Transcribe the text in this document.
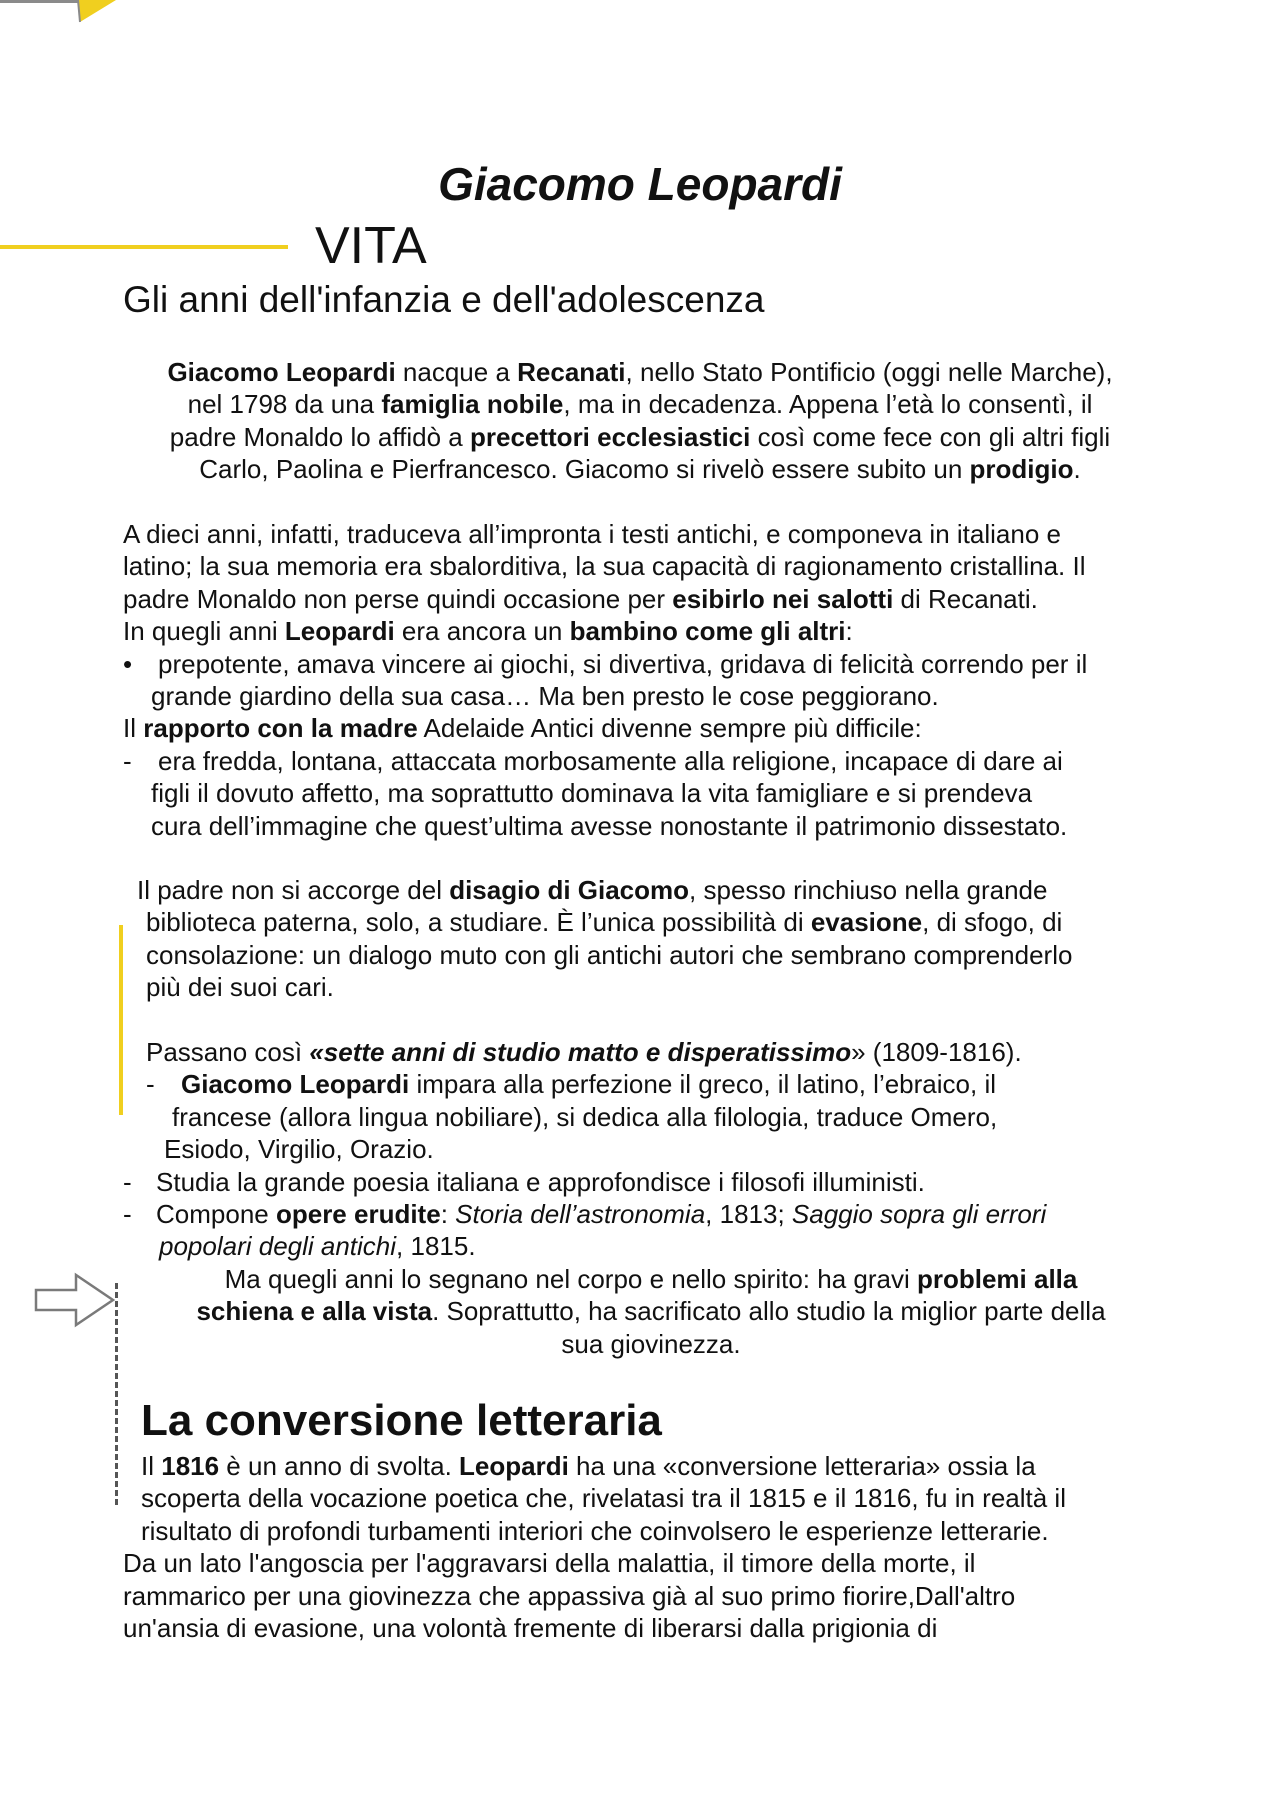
Giacomo Leopardi
VITA
Gli anni dell'infanzia e dell'adolescenza
Giacomo Leopardi nacque a Recanati, nello Stato Pontificio (oggi nelle Marche),
nel 1798 da una famiglia nobile, ma in decadenza. Appena l’età lo consentì, il
padre Monaldo lo affidò a precettori ecclesiastici così come fece con gli altri figli
Carlo, Paolina e Pierfrancesco. Giacomo si rivelò essere subito un prodigio.
A dieci anni, infatti, traduceva all’impronta i testi antichi, e componeva in italiano e
latino; la sua memoria era sbalorditiva, la sua capacità di ragionamento cristallina. Il
padre Monaldo non perse quindi occasione per esibirlo nei salotti di Recanati.
In quegli anni Leopardi era ancora un bambino come gli altri:
• prepotente, amava vincere ai giochi, si divertiva, gridava di felicità correndo per il
grande giardino della sua casa… Ma ben presto le cose peggiorano.
Il rapporto con la madre Adelaide Antici divenne sempre più difficile:
- era fredda, lontana, attaccata morbosamente alla religione, incapace di dare ai
figli il dovuto affetto, ma soprattutto dominava la vita famigliare e si prendeva
cura dell’immagine che quest’ultima avesse nonostante il patrimonio dissestato.
Il padre non si accorge del disagio di Giacomo, spesso rinchiuso nella grande
biblioteca paterna, solo, a studiare. È l’unica possibilità di evasione, di sfogo, di
consolazione: un dialogo muto con gli antichi autori che sembrano comprenderlo
più dei suoi cari.
Passano così «sette anni di studio matto e disperatissimo» (1809-1816).
- Giacomo Leopardi impara alla perfezione il greco, il latino, l’ebraico, il
francese (allora lingua nobiliare), si dedica alla filologia, traduce Omero,
Esiodo, Virgilio, Orazio.
- Studia la grande poesia italiana e approfondisce i filosofi illuministi.
- Compone opere erudite: Storia dell’astronomia, 1813; Saggio sopra gli errori
popolari degli antichi, 1815.
Ma quegli anni lo segnano nel corpo e nello spirito: ha gravi problemi alla
schiena e alla vista. Soprattutto, ha sacrificato allo studio la miglior parte della
sua giovinezza.
La conversione letteraria
Il 1816 è un anno di svolta. Leopardi ha una «conversione letteraria» ossia la
scoperta della vocazione poetica che, rivelatasi tra il 1815 e il 1816, fu in realtà il
risultato di profondi turbamenti interiori che coinvolsero le esperienze letterarie.
Da un lato l'angoscia per l'aggravarsi della malattia, il timore della morte, il
rammarico per una giovinezza che appassiva già al suo primo fiorire,Dall'altro
un'ansia di evasione, una volontà fremente di liberarsi dalla prigionia di
